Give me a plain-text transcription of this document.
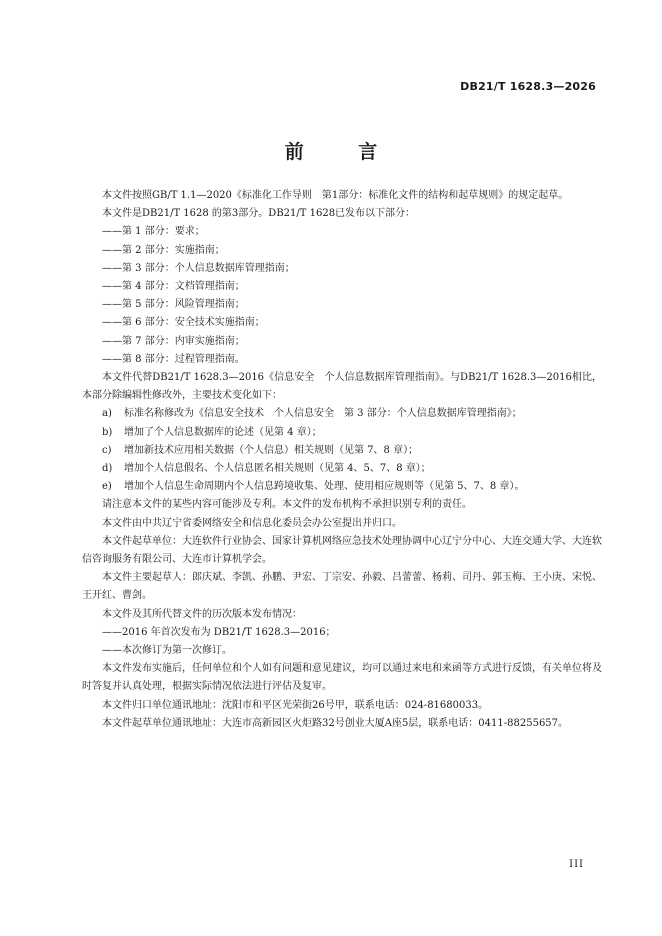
DB21/T 1628.3—2026
前 言

本文件按照GB/T 1.1—2020《标准化工作导则　第1部分：标准化文件的结构和起草规则》的规定起草。

本文件是DB21/T 1628 的第3部分。DB21/T 1628已发布以下部分：

——第 1 部分：要求；

——第 2 部分：实施指南；

——第 3 部分：个人信息数据库管理指南；

——第 4 部分：文档管理指南；

——第 5 部分：风险管理指南；

——第 6 部分：安全技术实施指南；

——第 7 部分：内审实施指南；

——第 8 部分：过程管理指南。

本文件代替DB21/T 1628.3—2016《信息安全　个人信息数据库管理指南》。与DB21/T 1628.3—2016相比，本部分除编辑性修改外，主要技术变化如下：

a) 标准名称修改为《信息安全技术　个人信息安全　第 3 部分：个人信息数据库管理指南》；

b) 增加了个人信息数据库的论述（见第 4 章）；

c) 增加新技术应用相关数据（个人信息）相关规则（见第 7、8 章）；

d) 增加个人信息假名、个人信息匿名相关规则（见第 4、5、7、8 章）；

e) 增加个人信息生命周期内个人信息跨境收集、处理、使用相应规则等（见第 5、7、8 章）。

请注意本文件的某些内容可能涉及专利。本文件的发布机构不承担识别专利的责任。

本文件由中共辽宁省委网络安全和信息化委员会办公室提出并归口。

本文件起草单位：大连软件行业协会、国家计算机网络应急技术处理协调中心辽宁分中心、大连交通大学、大连软信咨询服务有限公司、大连市计算机学会。

本文件主要起草人：郎庆斌、李凯、孙鹏、尹宏、丁宗安、孙毅、吕蕾蕾、杨莉、司丹、郭玉梅、王小庚、宋悦、王开红、曹剑。

本文件及其所代替文件的历次版本发布情况：

——2016 年首次发布为 DB21/T 1628.3—2016；

——本次修订为第一次修订。

本文件发布实施后，任何单位和个人如有问题和意见建议，均可以通过来电和来函等方式进行反馈，有关单位将及时答复并认真处理，根据实际情况依法进行评估及复审。

本文件归口单位通讯地址：沈阳市和平区光荣街26号甲，联系电话：024-81680033。

本文件起草单位通讯地址：大连市高新园区火炬路32号创业大厦A座5层，联系电话：0411-88255657。

III
